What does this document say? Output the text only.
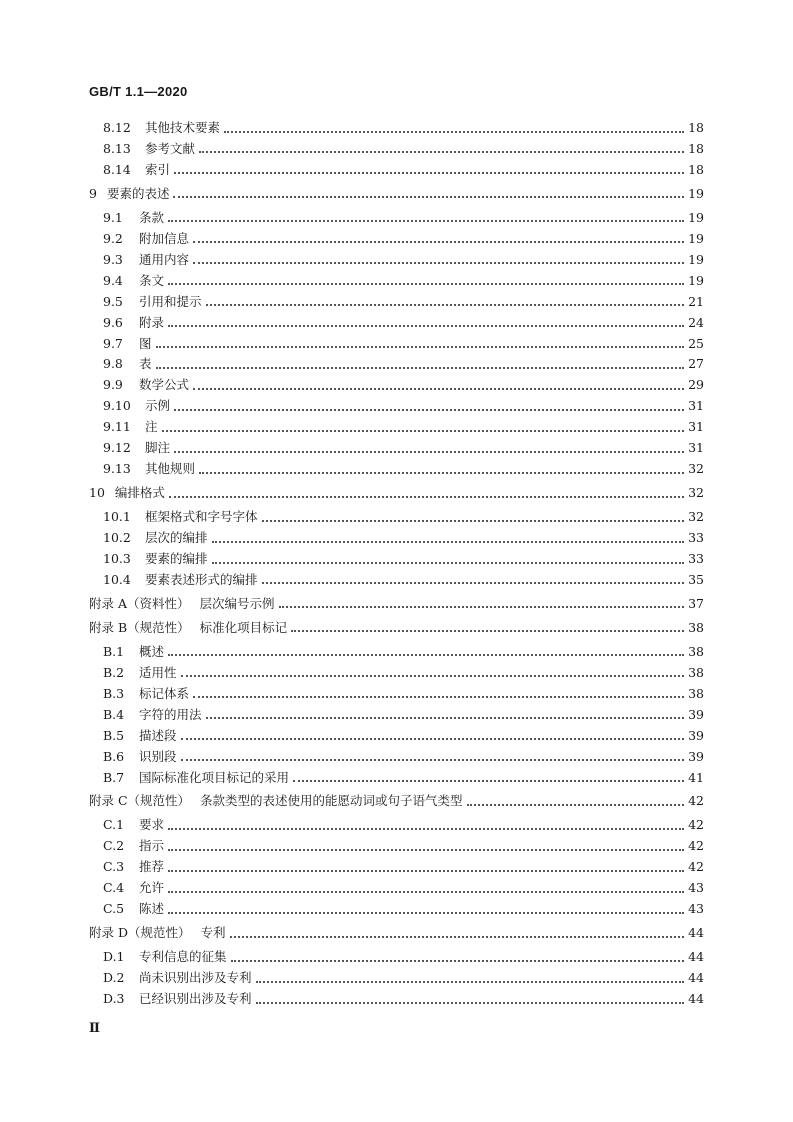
GB/T 1.1—2020
8.12	其他技术要素	18
8.13	参考文献	18
8.14	索引	18
9 要素的表述	19
9.1	条款	19
9.2	附加信息	19
9.3	通用内容	19
9.4	条文	19
9.5	引用和提示	21
9.6	附录	24
9.7	图	25
9.8	表	27
9.9	数学公式	29
9.10	示例	31
9.11	注	31
9.12	脚注	31
9.13	其他规则	32
10 编排格式	32
10.1	框架格式和字号字体	32
10.2	层次的编排	33
10.3	要素的编排	33
10.4	要素表述形式的编排	35
附录 A（资料性） 层次编号示例	37
附录 B（规范性） 标准化项目标记	38
B.1	概述	38
B.2	适用性	38
B.3	标记体系	38
B.4	字符的用法	39
B.5	描述段	39
B.6	识别段	39
B.7	国际标准化项目标记的采用	41
附录 C（规范性） 条款类型的表述使用的能愿动词或句子语气类型	42
C.1	要求	42
C.2	指示	42
C.3	推荐	42
C.4	允许	43
C.5	陈述	43
附录 D（规范性） 专利	44
D.1	专利信息的征集	44
D.2	尚未识别出涉及专利	44
D.3	已经识别出涉及专利	44
Ⅱ
